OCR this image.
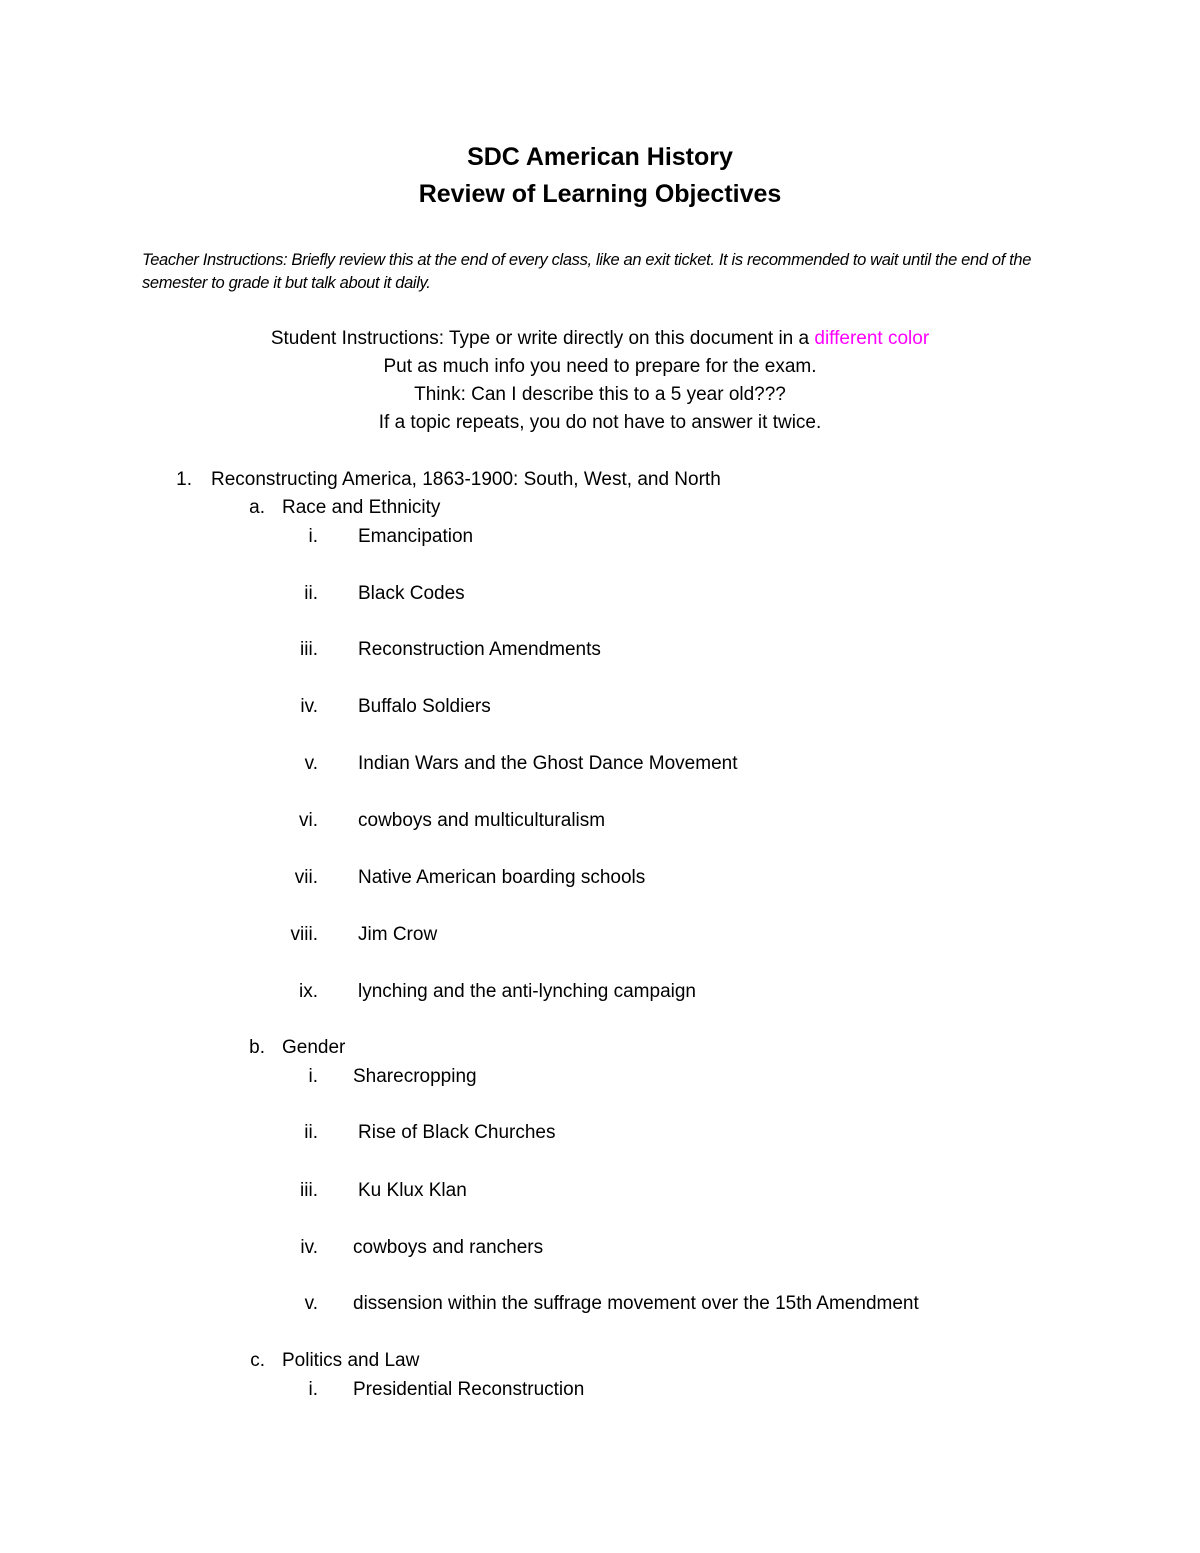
SDC American History
Review of Learning Objectives
Teacher Instructions: Briefly review this at the end of every class, like an exit ticket. It is recommended to wait until the end of the semester to grade it but talk about it daily.
Student Instructions: Type or write directly on this document in a different color
Put as much info you need to prepare for the exam.
Think: Can I describe this to a 5 year old???
If a topic repeats, you do not have to answer it twice.
1. Reconstructing America, 1863-1900: South, West, and North
a. Race and Ethnicity
i. Emancipation
ii. Black Codes
iii. Reconstruction Amendments
iv. Buffalo Soldiers
v. Indian Wars and the Ghost Dance Movement
vi. cowboys and multiculturalism
vii. Native American boarding schools
viii. Jim Crow
ix. lynching and the anti-lynching campaign
b. Gender
i. Sharecropping
ii. Rise of Black Churches
iii. Ku Klux Klan
iv. cowboys and ranchers
v. dissension within the suffrage movement over the 15th Amendment
c. Politics and Law
i. Presidential Reconstruction
